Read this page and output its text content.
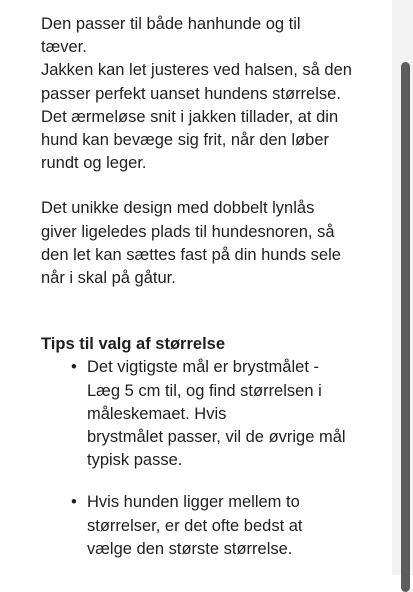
Den passer til både hanhunde og til
tæver.
Jakken kan let justeres ved halsen, så den
passer perfekt uanset hundens størrelse.
Det ærmeløse snit i jakken tillader, at din
hund kan bevæge sig frit, når den løber
rundt og leger.

Det unikke design med dobbelt lynlås
giver ligeledes plads til hundesnoren, så
den let kan sættes fast på din hunds sele
når i skal på gåtur.

Tips til valg af størrelse
• Det vigtigste mål er brystmålet -
Læg 5 cm til, og find størrelsen i
måleskemaet. Hvis
brystmålet passer, vil de øvrige mål
typisk passe.
• Hvis hunden ligger mellem to
størrelser, er det ofte bedst at
vælge den største størrelse.
